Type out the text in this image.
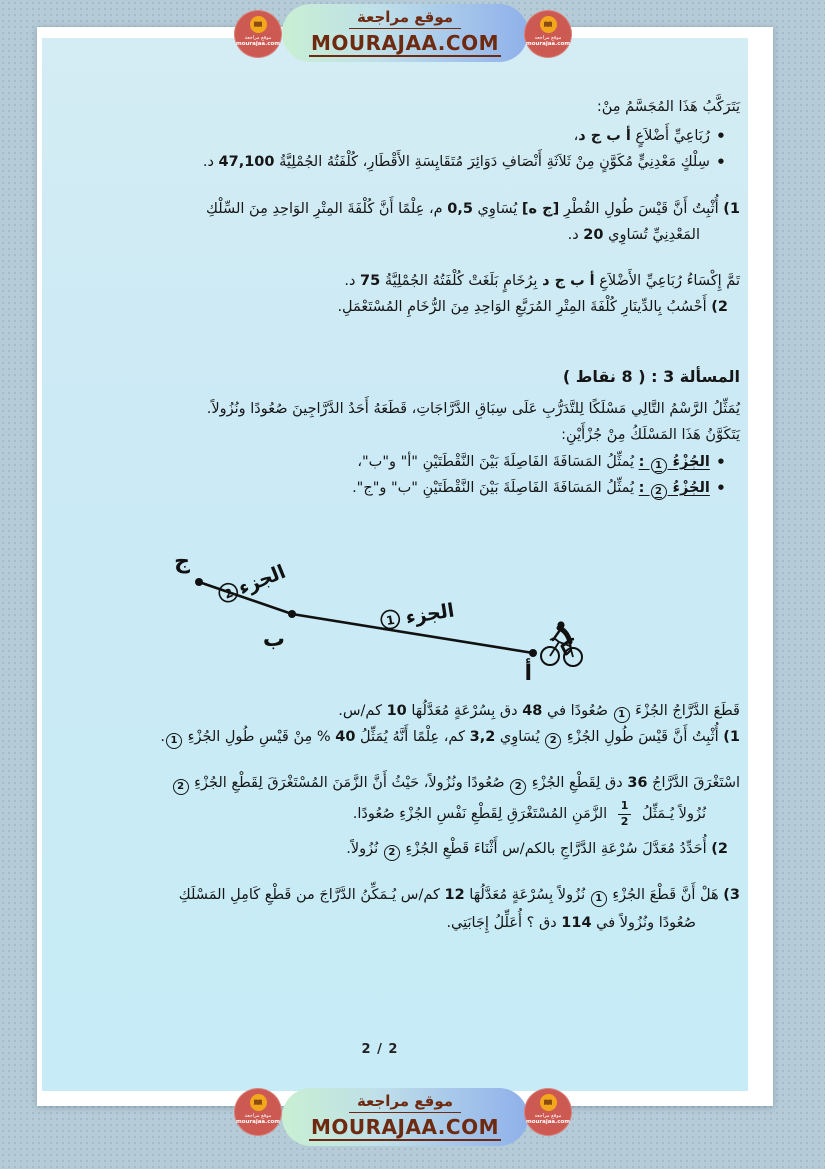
يَتَرَكَّبُ هَذَا المُجَسَّمُ مِنْ:
● رُبَاعِيِّ أَضْلاَعٍ أ ب ج د،
● سِلْكٍ مَعْدِنِيٍّ مُكَوَّنٍ مِنْ ثَلاَثَةِ أَنْصَافِ دَوَائِرَ مُتَقَايِسَةِ الأَقْطَارِ، كُلْفَتُهُ الجُمْلِيَّةُ 47,100 د.
1) أُثْبِتُ أَنَّ قَيْسَ طُولِ القُطْرِ [ج ه] يُسَاوِي 0,5 م، عِلْمًا أَنَّ كُلْفَةَ المِتْرِ الوَاحِدِ مِنَ السِّلْكِ
المَعْدِنِيِّ تُسَاوِي 20 د.
تَمَّ إِكْسَاءُ رُبَاعِيِّ الأَضْلاَعِ أ ب ج د بِرُخَامٍ بَلَغَتْ كُلْفَتُهُ الجُمْلِيَّةُ 75 د.
2) أَحْسُبُ بِالدِّينَارِ كُلْفَةَ المِتْرِ المُرَبَّعِ الوَاحِدِ مِنَ الرُّخَامِ المُسْتَعْمَلِ.
المسألة 3 : ( 8 نقاط )
يُمَثِّلُ الرَّسْمُ التَّالِي مَسْلَكًا لِلتَّدَرُّبِ عَلَى سِبَاقِ الدَّرَّاجَاتِ، قَطَعَهُ أَحَدُ الدَّرَّاجِينَ صُعُودًا ونُزُولاً.
يَتَكَوَّنُ هَذَا المَسْلَكُ مِنْ جُزْأَيْنِ:
● الجُزْءُ 1 : يُمثِّلُ المَسَافَةَ الفَاصِلَةَ بَيْنَ النَّقْطَتَيْنِ "أ" و"ب"،
● الجُزْءُ 2 : يُمثِّلُ المَسَافَةَ الفَاصِلَةَ بَيْنَ النَّقْطَتَيْنِ "ب" و"ج".
ج
ب
أ
الجزء
1
الجزء
2
قَطَعَ الدَّرَّاجُ الجُزْءَ 1 صُعُودًا في 48 دق بِسُرْعَةٍ مُعَدَّلُهَا 10 كم/س.
1) أُثْبِتُ أَنَّ قَيْسَ طُولِ الجُزْءِ 2 يُسَاوِي 3,2 كم، عِلْمًا أَنَّهُ يُمَثِّلُ 40 % مِنْ قَيْسِ طُولِ الجُزْءِ 1.
اسْتَغْرَقَ الدَّرَّاجُ 36 دق لِقَطْعِ الجُزْءِ 2 صُعُودًا ونُزُولاً، حَيْثُ أَنَّ الزَّمَنَ المُسْتَغْرَقَ لِقَطْعِ الجُزْءِ 2
نُزُولاً يُـمَثِّلُ
$\frac{1}{2}$
الزَّمَنِ المُسْتَغْرَقِ لِقَطْعِ نَفْسِ الجُزْءِ صُعُودًا.
2) أُحَدِّدُ مُعَدَّلَ سُرْعَةِ الدَّرَّاجِ بالكم/س أَثْنَاءَ قَطْعِ الجُزْءِ 2 نُزُولاً.
3) هَلْ أَنَّ قَطْعَ الجُزْءِ 1 نُزُولاً بِسُرْعَةٍ مُعَدَّلُهَا 12 كم/س يُـمَكِّنُ الدَّرَّاجَ من قَطْعِ كَامِلِ المَسْلَكِ
صُعُودًا ونُزُولاً في 114 دق ؟ أُعَلِّلُ إِجَابَتِي.
2 / 2
موقع مراجعة
MOURAJAA.COM
موقع مراجعة
mourajaa.com
موقع مراجعة
mourajaa.com
موقع مراجعة
MOURAJAA.COM
موقع مراجعة
mourajaa.com
موقع مراجعة
mourajaa.com
